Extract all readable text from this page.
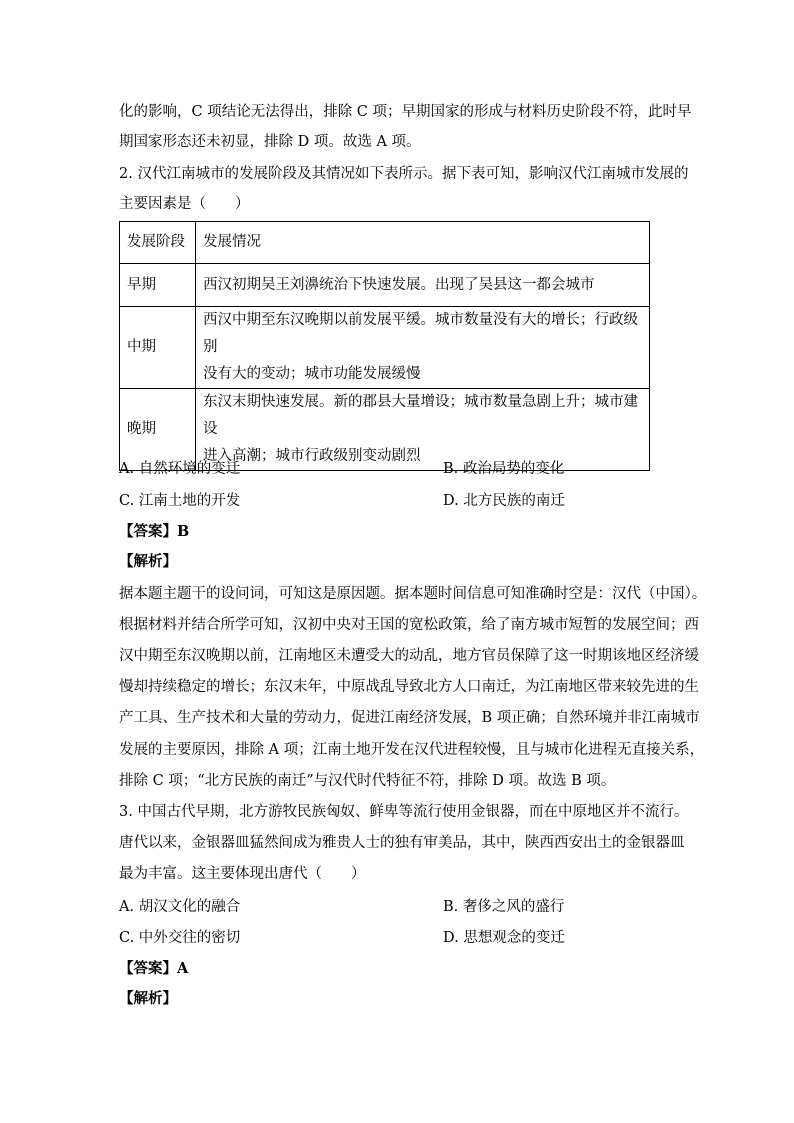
化的影响，C 项结论无法得出，排除 C 项；早期国家的形成与材料历史阶段不符，此时早
期国家形态还未初显，排除 D 项。故选 A 项。
2. 汉代江南城市的发展阶段及其情况如下表所示。据下表可知，影响汉代江南城市发展的
主要因素是（　　）
发展阶段	发展情况
早期	西汉初期吴王刘濞统治下快速发展。出现了吴县这一都会城市

中期	西汉中期至东汉晚期以前发展平缓。城市数量没有大的增长；行政级别
没有大的变动；城市功能发展缓慢

晚期	东汉末期快速发展。新的郡县大量增设；城市数量急剧上升；城市建设
进入高潮；城市行政级别变动剧烈
A. 自然环境的变迁	B. 政治局势的变化
C. 江南土地的开发	D. 北方民族的南迁
【答案】B
【解析】
据本题主题干的设问词，可知这是原因题。据本题时间信息可知准确时空是：汉代（中国）。
根据材料并结合所学可知，汉初中央对王国的宽松政策，给了南方城市短暂的发展空间；西
汉中期至东汉晚期以前，江南地区未遭受大的动乱，地方官员保障了这一时期该地区经济缓
慢却持续稳定的增长；东汉末年，中原战乱导致北方人口南迁，为江南地区带来较先进的生
产工具、生产技术和大量的劳动力，促进江南经济发展，B 项正确；自然环境并非江南城市
发展的主要原因，排除 A 项；江南土地开发在汉代进程较慢，且与城市化进程无直接关系，
排除 C 项；“北方民族的南迁”与汉代时代特征不符，排除 D 项。故选 B 项。
3. 中国古代早期，北方游牧民族匈奴、鲜卑等流行使用金银器，而在中原地区并不流行。
唐代以来，金银器皿猛然间成为雅贵人士的独有审美品，其中，陕西西安出土的金银器皿
最为丰富。这主要体现出唐代（　　）
A. 胡汉文化的融合	B. 奢侈之风的盛行
C. 中外交往的密切	D. 思想观念的变迁
【答案】A
【解析】
